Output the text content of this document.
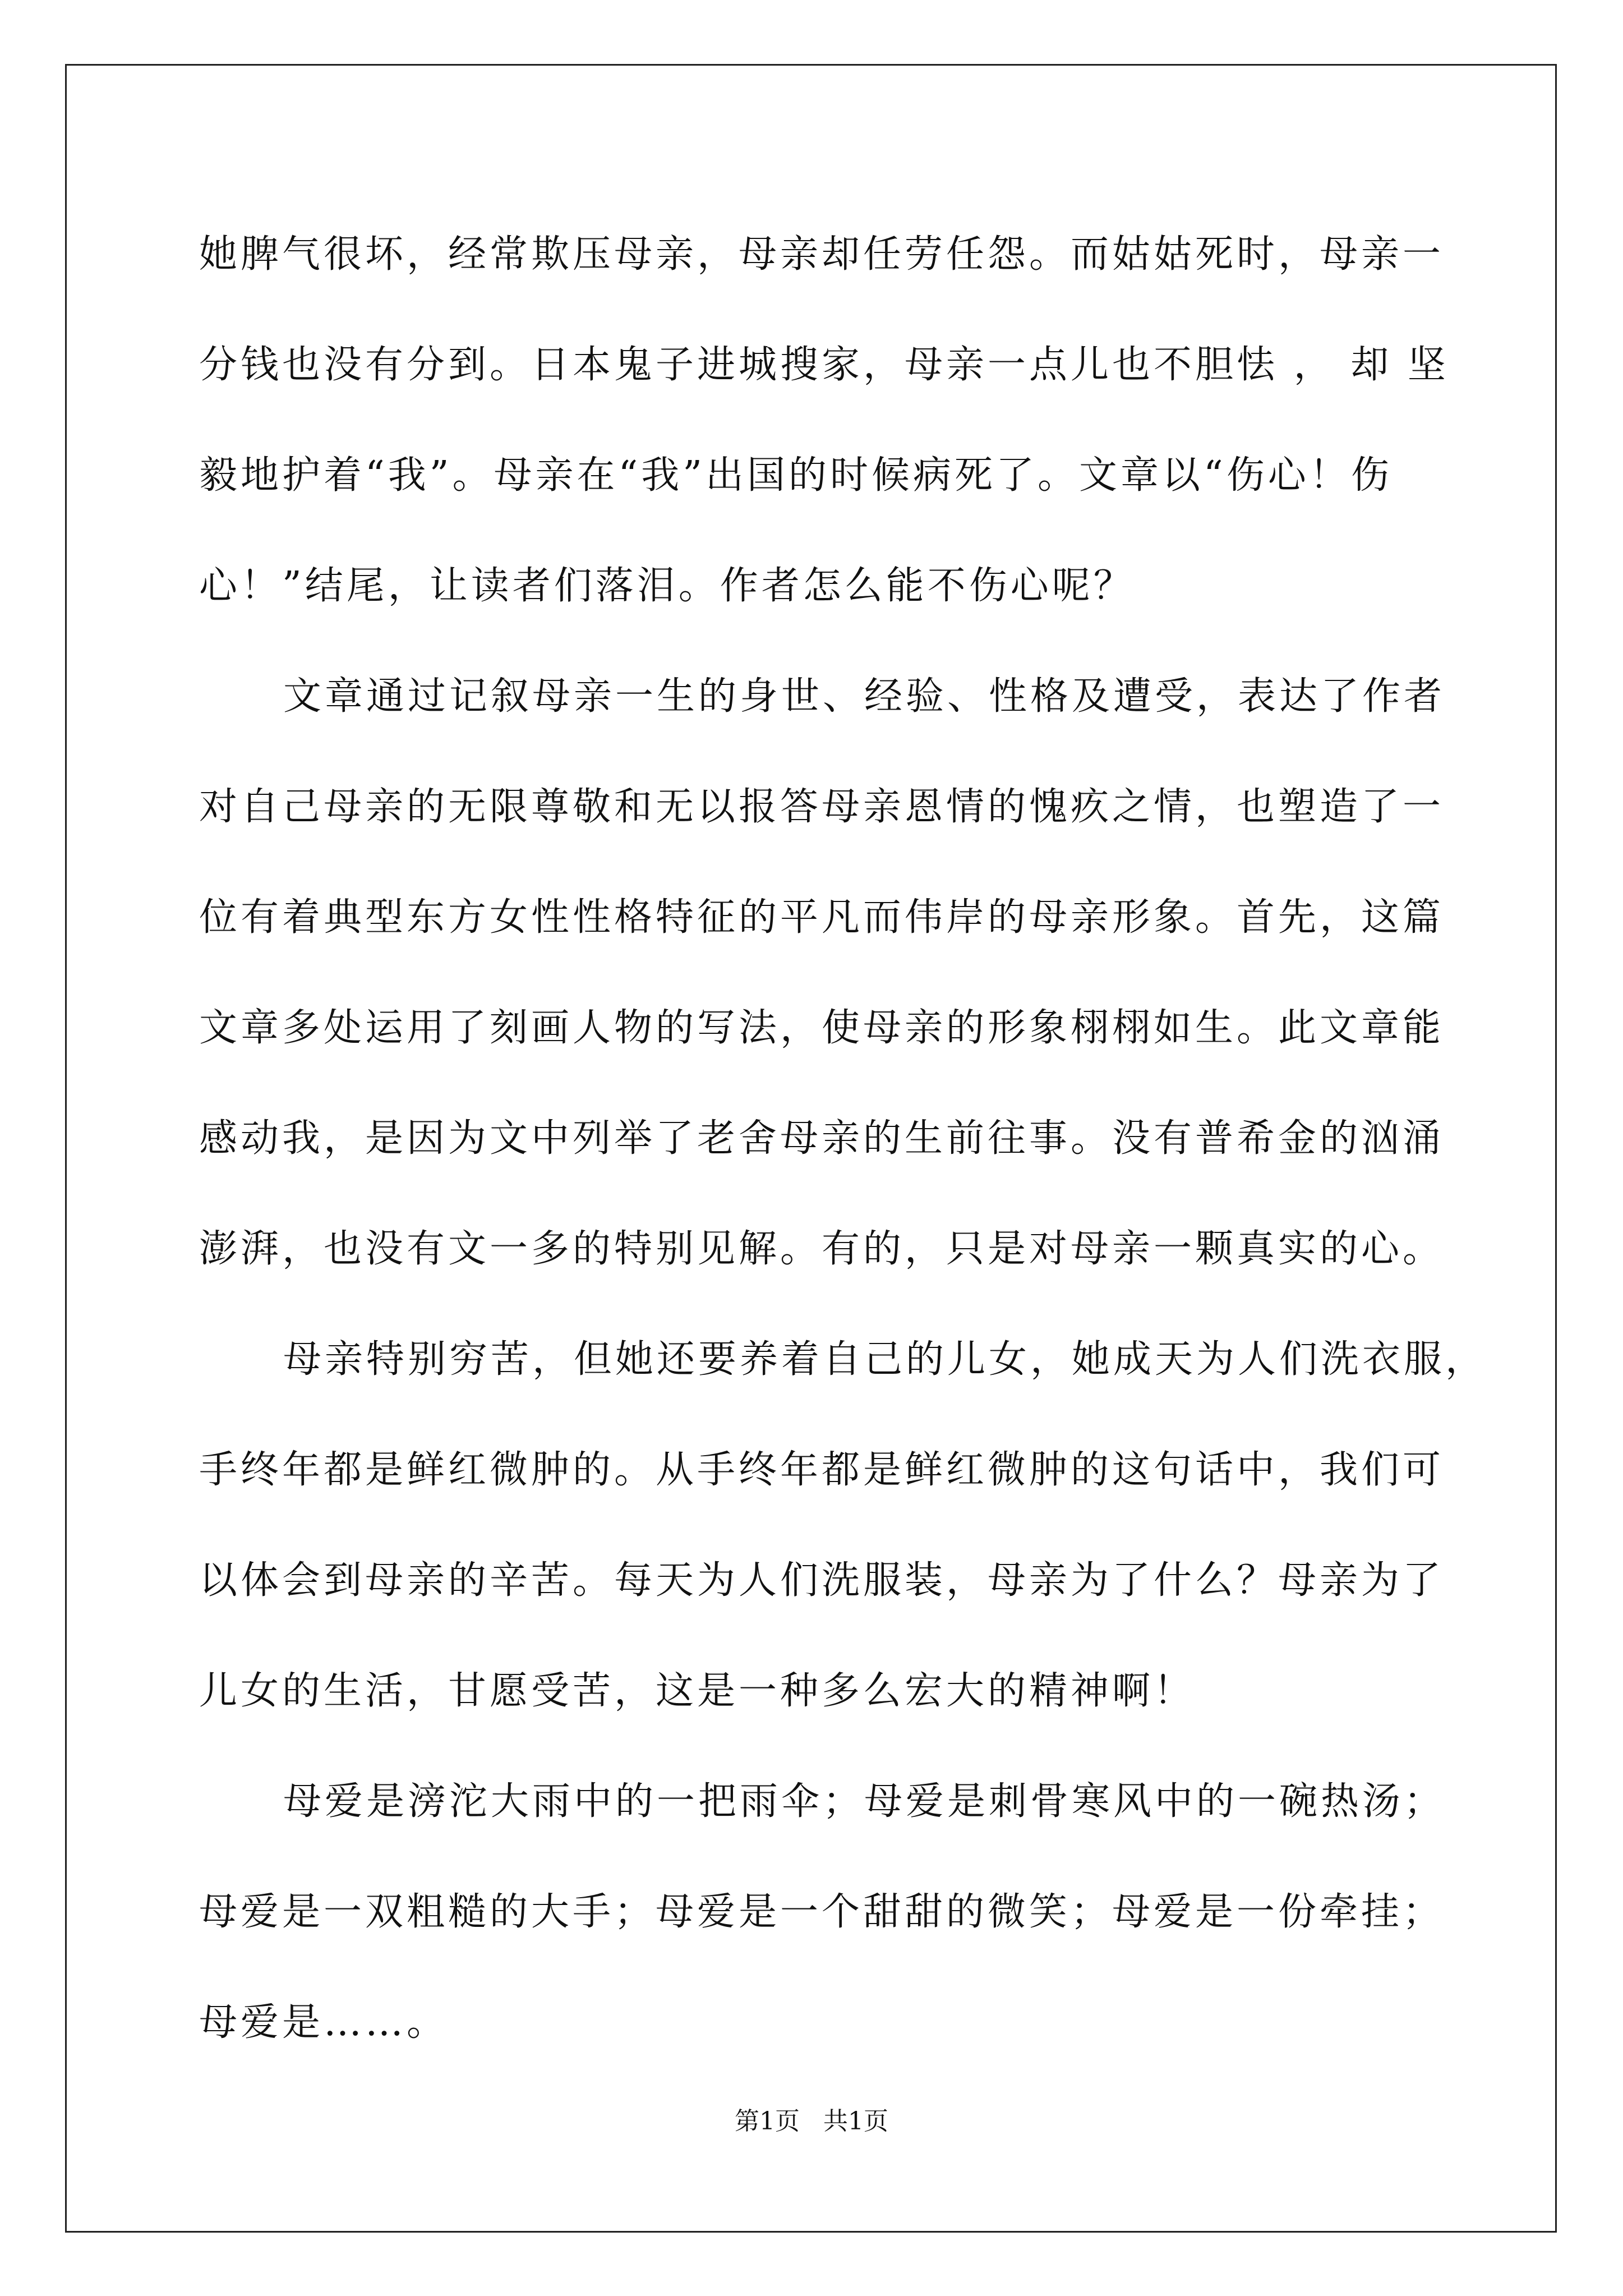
她脾气很坏，经常欺压母亲，母亲却任劳任怨。而姑姑死时，母亲一
分钱也没有分到。日本鬼子进城搜家，母亲一点儿也不胆怯 ， 却 坚
毅地护着“我”。母亲在“我”出国的时候病死了。文章以“伤心！伤
心！”结尾，让读者们落泪。作者怎么能不伤心呢？

文章通过记叙母亲一生的身世、经验、性格及遭受，表达了作者
对自己母亲的无限尊敬和无以报答母亲恩情的愧疚之情，也塑造了一
位有着典型东方女性性格特征的平凡而伟岸的母亲形象。首先，这篇
文章多处运用了刻画人物的写法，使母亲的形象栩栩如生。此文章能
感动我，是因为文中列举了老舍母亲的生前往事。没有普希金的汹涌
澎湃，也没有文一多的特别见解。有的，只是对母亲一颗真实的心。

母亲特别穷苦，但她还要养着自己的儿女，她成天为人们洗衣服，
手终年都是鲜红微肿的。从手终年都是鲜红微肿的这句话中，我们可
以体会到母亲的辛苦。每天为人们洗服装，母亲为了什么？母亲为了
儿女的生活，甘愿受苦，这是一种多么宏大的精神啊！

母爱是滂沱大雨中的一把雨伞；母爱是刺骨寒风中的一碗热汤；
母爱是一双粗糙的大手；母爱是一个甜甜的微笑；母爱是一份牵挂；
母爱是……。

第1页 共1页
